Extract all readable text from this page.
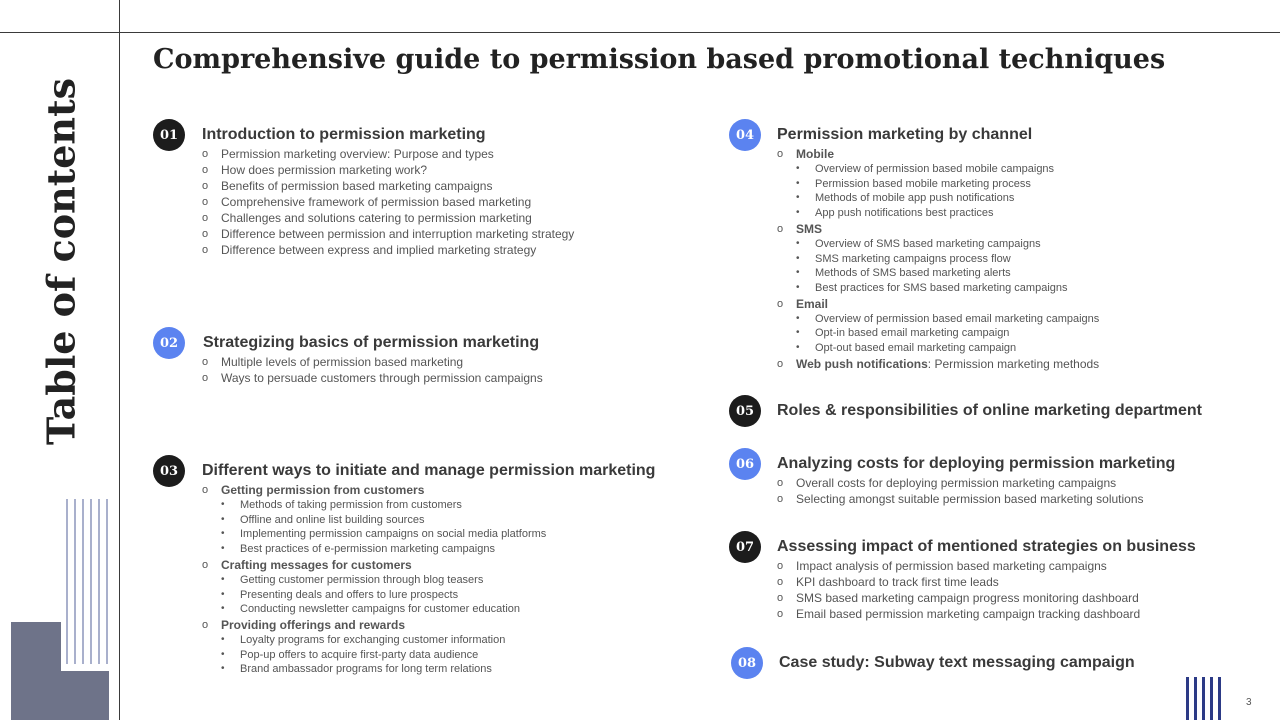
Table of contents
Comprehensive guide to permission based promotional techniques
01	Introduction to permission marketing
o Permission marketing overview: Purpose and types
o How does permission marketing work?
o Benefits of permission based marketing campaigns
o Comprehensive framework of permission based marketing
o Challenges and solutions catering to permission marketing
o Difference between permission and interruption marketing strategy
o Difference between express and implied marketing strategy
02	Strategizing basics of permission marketing
o Multiple levels of permission based marketing
o Ways to persuade customers through permission campaigns
03	Different ways to initiate and manage permission marketing
o Getting permission from customers
• Methods of taking permission from customers
• Offline and online list building sources
• Implementing permission campaigns on social media platforms
• Best practices of e-permission marketing campaigns
o Crafting messages for customers
• Getting customer permission through blog teasers
• Presenting deals and offers to lure prospects
• Conducting newsletter campaigns for customer education
o Providing offerings and rewards
• Loyalty programs for exchanging customer information
• Pop-up offers to acquire first-party data audience
• Brand ambassador programs for long term relations
04	Permission marketing by channel
o Mobile
• Overview of permission based mobile campaigns
• Permission based mobile marketing process
• Methods of mobile app push notifications
• App push notifications best practices
o SMS
• Overview of SMS based marketing campaigns
• SMS marketing campaigns process flow
• Methods of SMS based marketing alerts
• Best practices for SMS based marketing campaigns
o Email
• Overview of permission based email marketing campaigns
• Opt-in based email marketing campaign
• Opt-out based email marketing campaign
o Web push notifications: Permission marketing methods
05	Roles & responsibilities of online marketing department
06	Analyzing costs for deploying permission marketing
o Overall costs for deploying permission marketing campaigns
o Selecting amongst suitable permission based marketing solutions
07	Assessing impact of mentioned strategies on business
o Impact analysis of permission based marketing campaigns
o KPI dashboard to track first time leads
o SMS based marketing campaign progress monitoring dashboard
o Email based permission marketing campaign tracking dashboard
08	Case study: Subway text messaging campaign
3
